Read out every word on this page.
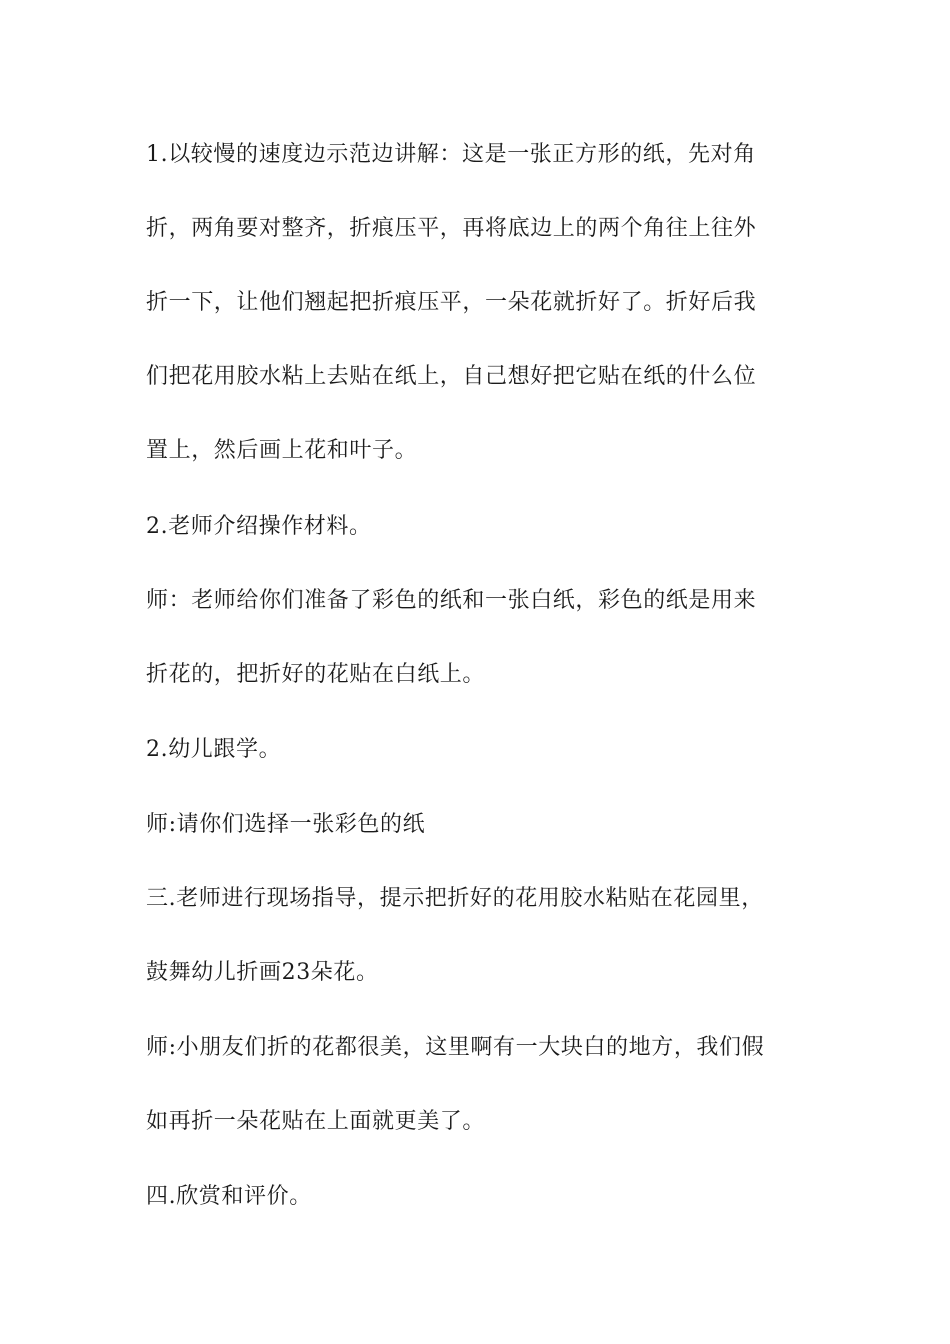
1.以较慢的速度边示范边讲解：这是一张正方形的纸，先对角
折，两角要对整齐，折痕压平，再将底边上的两个角往上往外
折一下，让他们翘起把折痕压平，一朵花就折好了。折好后我
们把花用胶水粘上去贴在纸上，自己想好把它贴在纸的什么位
置上，然后画上花和叶子。
2.老师介绍操作材料。
师：老师给你们准备了彩色的纸和一张白纸，彩色的纸是用来
折花的，把折好的花贴在白纸上。
2.幼儿跟学。
师:请你们选择一张彩色的纸
三.老师进行现场指导，提示把折好的花用胶水粘贴在花园里，
鼓舞幼儿折画23朵花。
师:小朋友们折的花都很美，这里啊有一大块白的地方，我们假
如再折一朵花贴在上面就更美了。
四.欣赏和评价。
